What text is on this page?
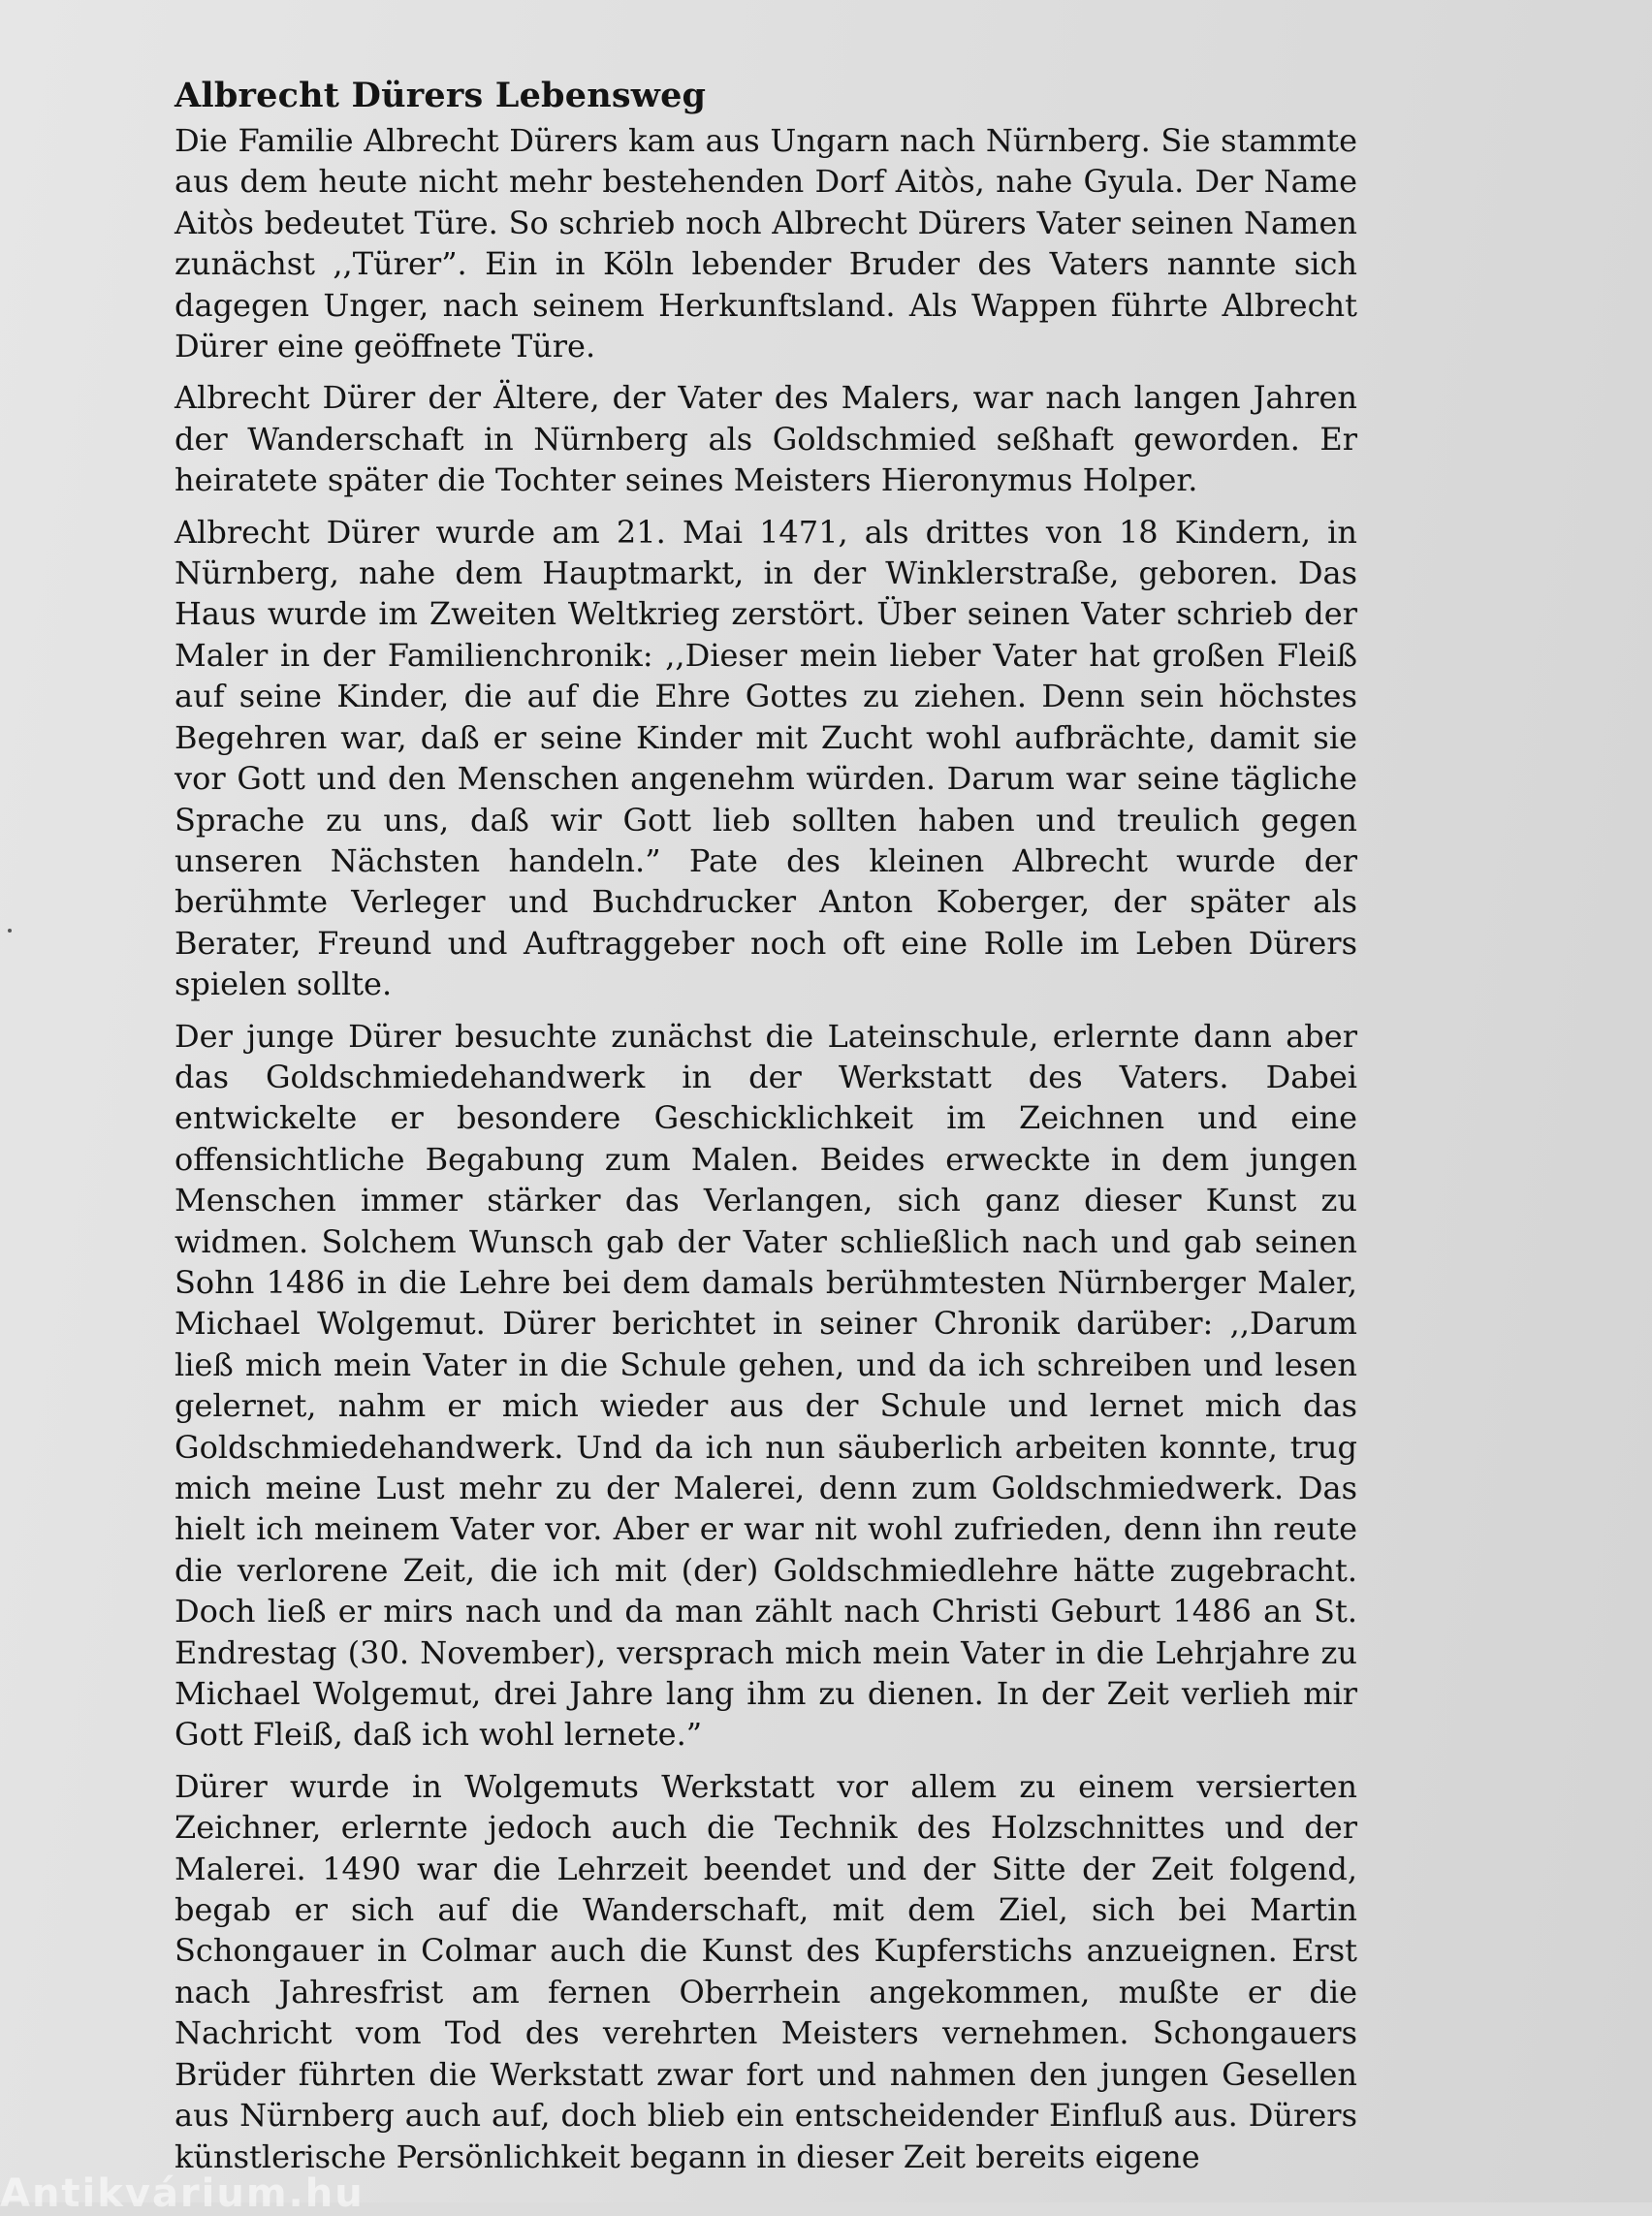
Albrecht Dürers Lebensweg

Die Familie Albrecht Dürers kam aus Ungarn nach Nürnberg. Sie stammte aus dem heute nicht mehr bestehenden Dorf Aitòs, nahe Gyula. Der Name Aitòs bedeutet Türe. So schrieb noch Albrecht Dürers Vater seinen Namen zunächst ,,Türer”. Ein in Köln lebender Bruder des Vaters nannte sich dagegen Unger, nach seinem Herkunftsland. Als Wappen führte Albrecht Dürer eine geöffnete Türe.

Albrecht Dürer der Ältere, der Vater des Malers, war nach langen Jahren der Wanderschaft in Nürnberg als Goldschmied seßhaft geworden. Er heiratete später die Tochter seines Meisters Hieronymus Holper.

Albrecht Dürer wurde am 21. Mai 1471, als drittes von 18 Kindern, in Nürnberg, nahe dem Hauptmarkt, in der Winklerstraße, geboren. Das Haus wurde im Zweiten Weltkrieg zerstört. Über seinen Vater schrieb der Maler in der Familienchronik: ,,Dieser mein lieber Vater hat großen Fleiß auf seine Kinder, die auf die Ehre Gottes zu ziehen. Denn sein höchstes Begehren war, daß er seine Kinder mit Zucht wohl aufbrächte, damit sie vor Gott und den Menschen angenehm würden. Darum war seine tägliche Sprache zu uns, daß wir Gott lieb sollten haben und treulich gegen unseren Nächsten handeln.” Pate des kleinen Albrecht wurde der berühmte Verleger und Buchdrucker Anton Koberger, der später als Berater, Freund und Auftraggeber noch oft eine Rolle im Leben Dürers spielen sollte.

Der junge Dürer besuchte zunächst die Lateinschule, erlernte dann aber das Goldschmiedehandwerk in der Werkstatt des Vaters. Dabei entwickelte er besondere Geschicklichkeit im Zeichnen und eine offensichtliche Begabung zum Malen. Beides erweckte in dem jungen Menschen immer stärker das Verlangen, sich ganz dieser Kunst zu widmen. Solchem Wunsch gab der Vater schließlich nach und gab seinen Sohn 1486 in die Lehre bei dem damals berühmtesten Nürnberger Maler, Michael Wolgemut. Dürer berichtet in seiner Chronik darüber: ,,Darum ließ mich mein Vater in die Schule gehen, und da ich schreiben und lesen gelernet, nahm er mich wieder aus der Schule und lernet mich das Goldschmiedehandwerk. Und da ich nun säuberlich arbeiten konnte, trug mich meine Lust mehr zu der Malerei, denn zum Goldschmiedwerk. Das hielt ich meinem Vater vor. Aber er war nit wohl zufrieden, denn ihn reute die verlorene Zeit, die ich mit (der) Goldschmiedlehre hätte zugebracht. Doch ließ er mirs nach und da man zählt nach Christi Geburt 1486 an St. Endrestag (30. November), versprach mich mein Vater in die Lehrjahre zu Michael Wolgemut, drei Jahre lang ihm zu dienen. In der Zeit verlieh mir Gott Fleiß, daß ich wohl lernete.”

Dürer wurde in Wolgemuts Werkstatt vor allem zu einem versierten Zeichner, erlernte jedoch auch die Technik des Holzschnittes und der Malerei. 1490 war die Lehrzeit beendet und der Sitte der Zeit folgend, begab er sich auf die Wanderschaft, mit dem Ziel, sich bei Martin Schongauer in Colmar auch die Kunst des Kupferstichs anzueignen. Erst nach Jahresfrist am fernen Oberrhein angekommen, mußte er die Nachricht vom Tod des verehrten Meisters vernehmen. Schongauers Brüder führten die Werkstatt zwar fort und nahmen den jungen Gesellen aus Nürnberg auch auf, doch blieb ein entscheidender Einfluß aus. Dürers künstlerische Persönlichkeit begann in dieser Zeit bereits eigene

Antikvárium.hu
